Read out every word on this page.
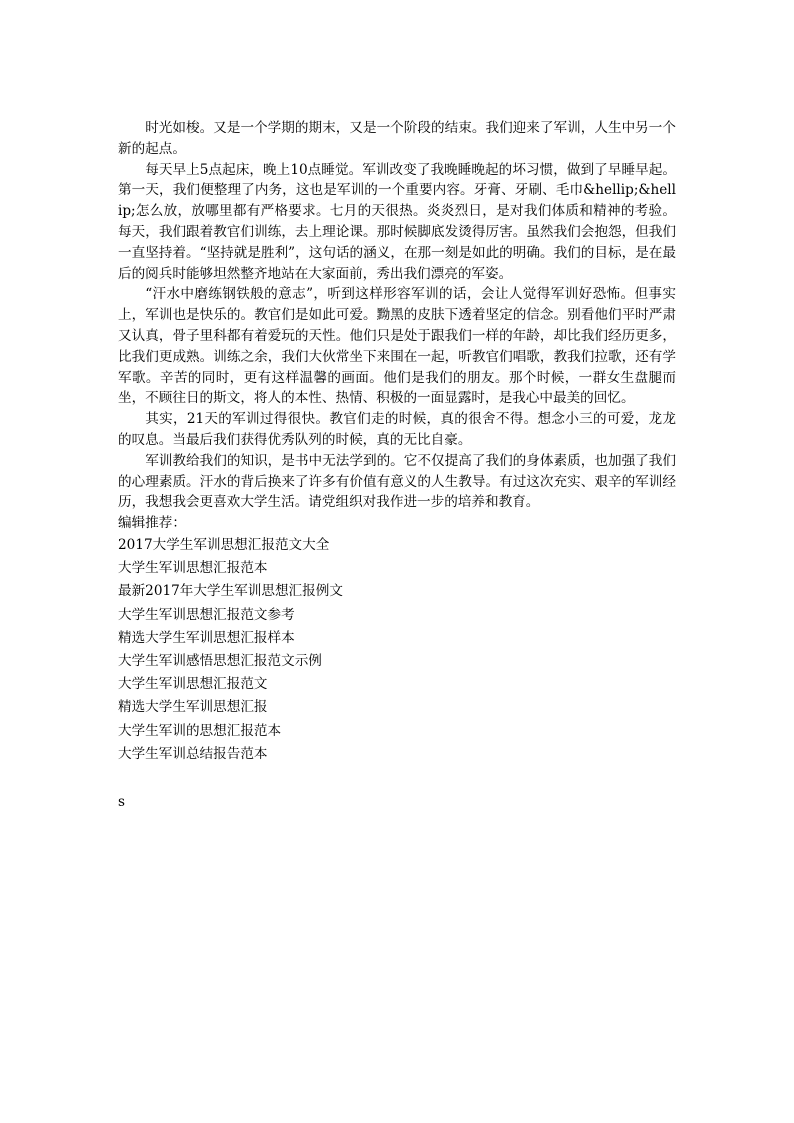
时光如梭。又是一个学期的期末，又是一个阶段的结束。我们迎来了军训，人生中另一个新的起点。

每天早上5点起床，晚上10点睡觉。军训改变了我晚睡晚起的坏习惯，做到了早睡早起。第一天，我们便整理了内务，这也是军训的一个重要内容。牙膏、牙刷、毛巾&hellip;&hellip;怎么放，放哪里都有严格要求。七月的天很热。炎炎烈日，是对我们体质和精神的考验。每天，我们跟着教官们训练，去上理论课。那时候脚底发烫得厉害。虽然我们会抱怨，但我们一直坚持着。“坚持就是胜利”，这句话的涵义，在那一刻是如此的明确。我们的目标，是在最后的阅兵时能够坦然整齐地站在大家面前，秀出我们漂亮的军姿。

“汗水中磨练钢铁般的意志”，听到这样形容军训的话，会让人觉得军训好恐怖。但事实上，军训也是快乐的。教官们是如此可爱。黝黑的皮肤下透着坚定的信念。别看他们平时严肃又认真，骨子里科都有着爱玩的天性。他们只是处于跟我们一样的年龄，却比我们经历更多，比我们更成熟。训练之余，我们大伙常坐下来围在一起，听教官们唱歌，教我们拉歌，还有学军歌。辛苦的同时，更有这样温馨的画面。他们是我们的朋友。那个时候，一群女生盘腿而坐，不顾往日的斯文，将人的本性、热情、积极的一面显露时，是我心中最美的回忆。

其实，21天的军训过得很快。教官们走的时候，真的很舍不得。想念小三的可爱，龙龙的叹息。当最后我们获得优秀队列的时候，真的无比自豪。

军训教给我们的知识，是书中无法学到的。它不仅提高了我们的身体素质，也加强了我们的心理素质。汗水的背后换来了许多有价值有意义的人生教导。有过这次充实、艰辛的军训经历，我想我会更喜欢大学生活。请党组织对我作进一步的培养和教育。

编辑推荐：

2017大学生军训思想汇报范文大全
大学生军训思想汇报范本
最新2017年大学生军训思想汇报例文
大学生军训思想汇报范文参考
精选大学生军训思想汇报样本
大学生军训感悟思想汇报范文示例
大学生军训思想汇报范文
精选大学生军训思想汇报
大学生军训的思想汇报范本
大学生军训总结报告范本

s
